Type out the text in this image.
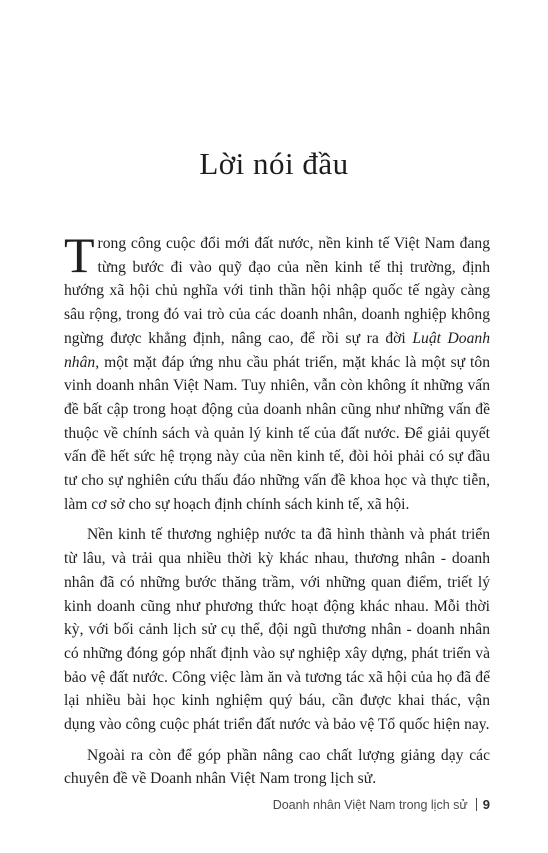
Lời nói đầu

Trong công cuộc đổi mới đất nước, nền kinh tế Việt Nam đang từng bước đi vào quỹ đạo của nền kinh tế thị trường, định hướng xã hội chủ nghĩa với tinh thần hội nhập quốc tế ngày càng sâu rộng, trong đó vai trò của các doanh nhân, doanh nghiệp không ngừng được khẳng định, nâng cao, để rồi sự ra đời Luật Doanh nhân, một mặt đáp ứng nhu cầu phát triển, mặt khác là một sự tôn vinh doanh nhân Việt Nam. Tuy nhiên, vẫn còn không ít những vấn đề bất cập trong hoạt động của doanh nhân cũng như những vấn đề thuộc về chính sách và quản lý kinh tế của đất nước. Để giải quyết vấn đề hết sức hệ trọng này của nền kinh tế, đòi hỏi phải có sự đầu tư cho sự nghiên cứu thấu đáo những vấn đề khoa học và thực tiễn, làm cơ sở cho sự hoạch định chính sách kinh tế, xã hội.

Nền kinh tế thương nghiệp nước ta đã hình thành và phát triển từ lâu, và trải qua nhiều thời kỳ khác nhau, thương nhân - doanh nhân đã có những bước thăng trầm, với những quan điểm, triết lý kinh doanh cũng như phương thức hoạt động khác nhau. Mỗi thời kỳ, với bối cảnh lịch sử cụ thể, đội ngũ thương nhân - doanh nhân có những đóng góp nhất định vào sự nghiệp xây dựng, phát triển và bảo vệ đất nước. Công việc làm ăn và tương tác xã hội của họ đã để lại nhiều bài học kinh nghiệm quý báu, cần được khai thác, vận dụng vào công cuộc phát triển đất nước và bảo vệ Tổ quốc hiện nay.

Ngoài ra còn để góp phần nâng cao chất lượng giảng dạy các chuyên đề về Doanh nhân Việt Nam trong lịch sử.

Doanh nhân Việt Nam trong lịch sử 9
